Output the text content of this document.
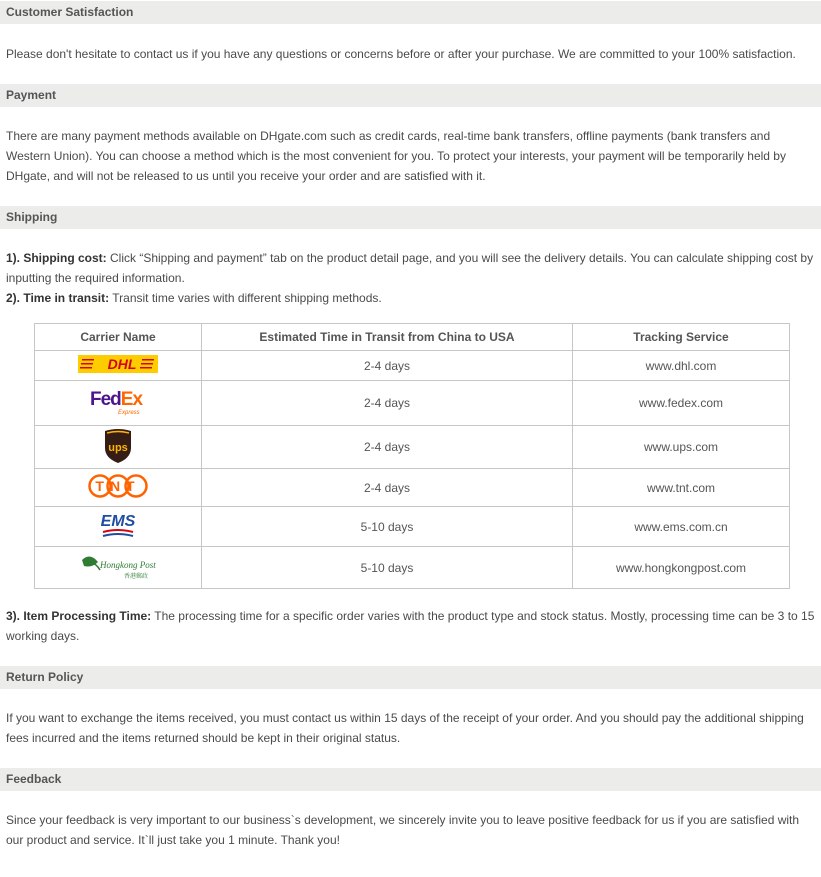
Customer Satisfaction
Please don't hesitate to contact us if you have any questions or concerns before or after your purchase. We are committed to your 100% satisfaction.
Payment
There are many payment methods available on DHgate.com such as credit cards, real-time bank transfers, offline payments (bank transfers and Western Union). You can choose a method which is the most convenient for you. To protect your interests, your payment will be temporarily held by DHgate, and will not be released to us until you receive your order and are satisfied with it.
Shipping
1). Shipping cost: Click “Shipping and payment” tab on the product detail page, and you will see the delivery details. You can calculate shipping cost by inputting the required information.
2). Time in transit: Transit time varies with different shipping methods.
Carrier Name	Estimated Time in Transit from China to USA	Tracking Service

DHL	2-4 days	www.dhl.com

FedEx
Express	2-4 days	www.fedex.com

ups	2-4 days	www.ups.com

TNT	2-4 days	www.tnt.com

EMS	5-10 days	www.ems.com.cn

Hongkong Post
香港郵政	5-10 days	www.hongkongpost.com
3). Item Processing Time: The processing time for a specific order varies with the product type and stock status. Mostly, processing time can be 3 to 15 working days.
Return Policy
If you want to exchange the items received, you must contact us within 15 days of the receipt of your order. And you should pay the additional shipping fees incurred and the items returned should be kept in their original status.
Feedback
Since your feedback is very important to our business`s development, we sincerely invite you to leave positive feedback for us if you are satisfied with our product and service. It`ll just take you 1 minute. Thank you!
